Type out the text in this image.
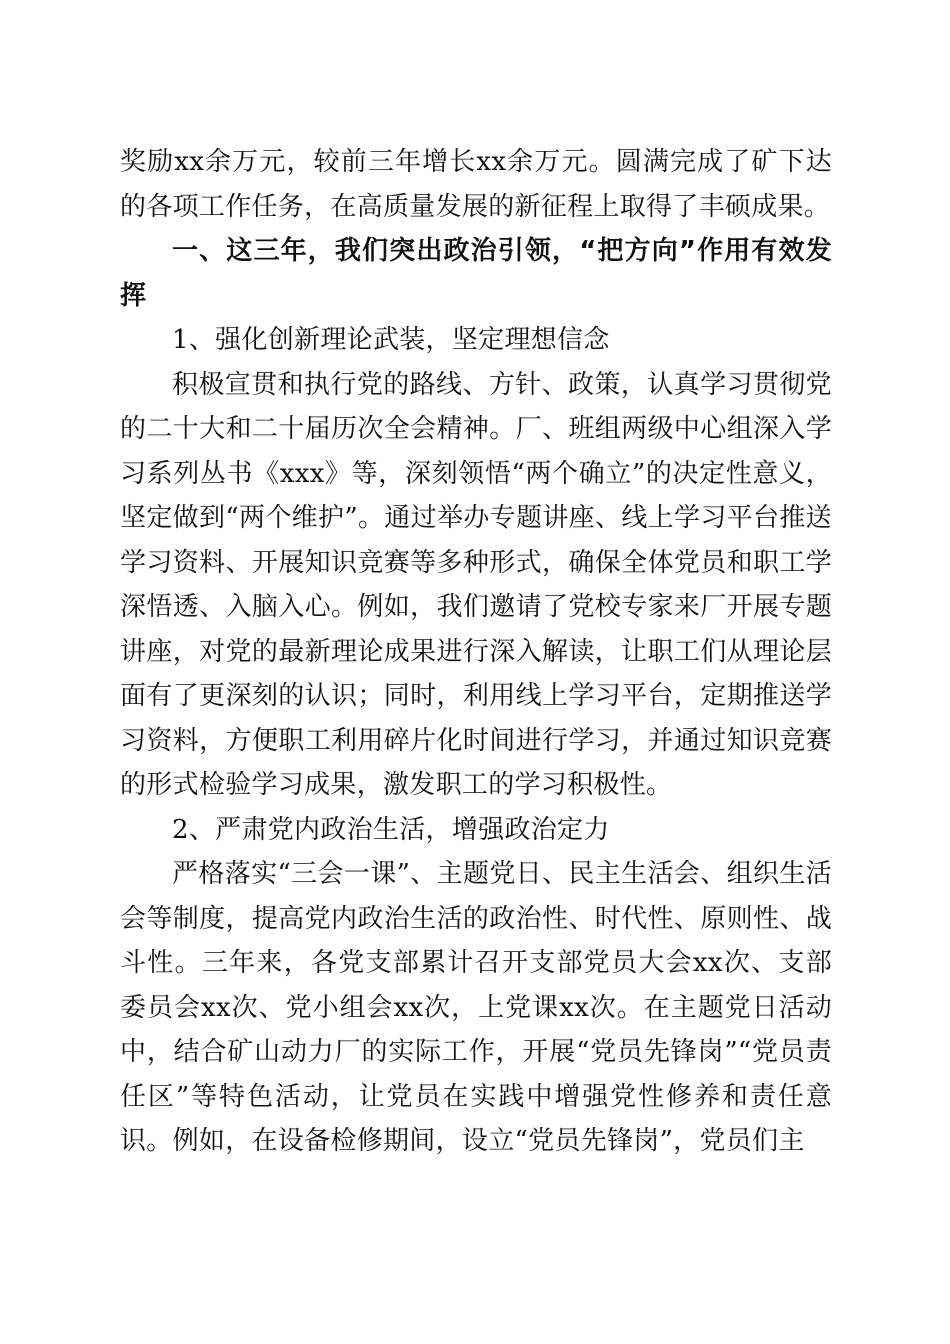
奖励xx余万元，较前三年增长xx余万元。圆满完成了矿下达的各项工作任务，在高质量发展的新征程上取得了丰硕成果。

一、这三年，我们突出政治引领，“把方向”作用有效发挥

1、强化创新理论武装，坚定理想信念

积极宣贯和执行党的路线、方针、政策，认真学习贯彻党的二十大和二十届历次全会精神。厂、班组两级中心组深入学习系列丛书《xxx》等，深刻领悟“两个确立”的决定性意义，坚定做到“两个维护”。通过举办专题讲座、线上学习平台推送学习资料、开展知识竞赛等多种形式，确保全体党员和职工学深悟透、入脑入心。例如，我们邀请了党校专家来厂开展专题讲座，对党的最新理论成果进行深入解读，让职工们从理论层面有了更深刻的认识；同时，利用线上学习平台，定期推送学习资料，方便职工利用碎片化时间进行学习，并通过知识竞赛的形式检验学习成果，激发职工的学习积极性。

2、严肃党内政治生活，增强政治定力

严格落实“三会一课”、主题党日、民主生活会、组织生活会等制度，提高党内政治生活的政治性、时代性、原则性、战斗性。三年来，各党支部累计召开支部党员大会xx次、支部委员会xx次、党小组会xx次，上党课xx次。在主题党日活动中，结合矿山动力厂的实际工作，开展“党员先锋岗”“党员责任区”等特色活动，让党员在实践中增强党性修养和责任意识。例如，在设备检修期间，设立“党员先锋岗”，党员们主
